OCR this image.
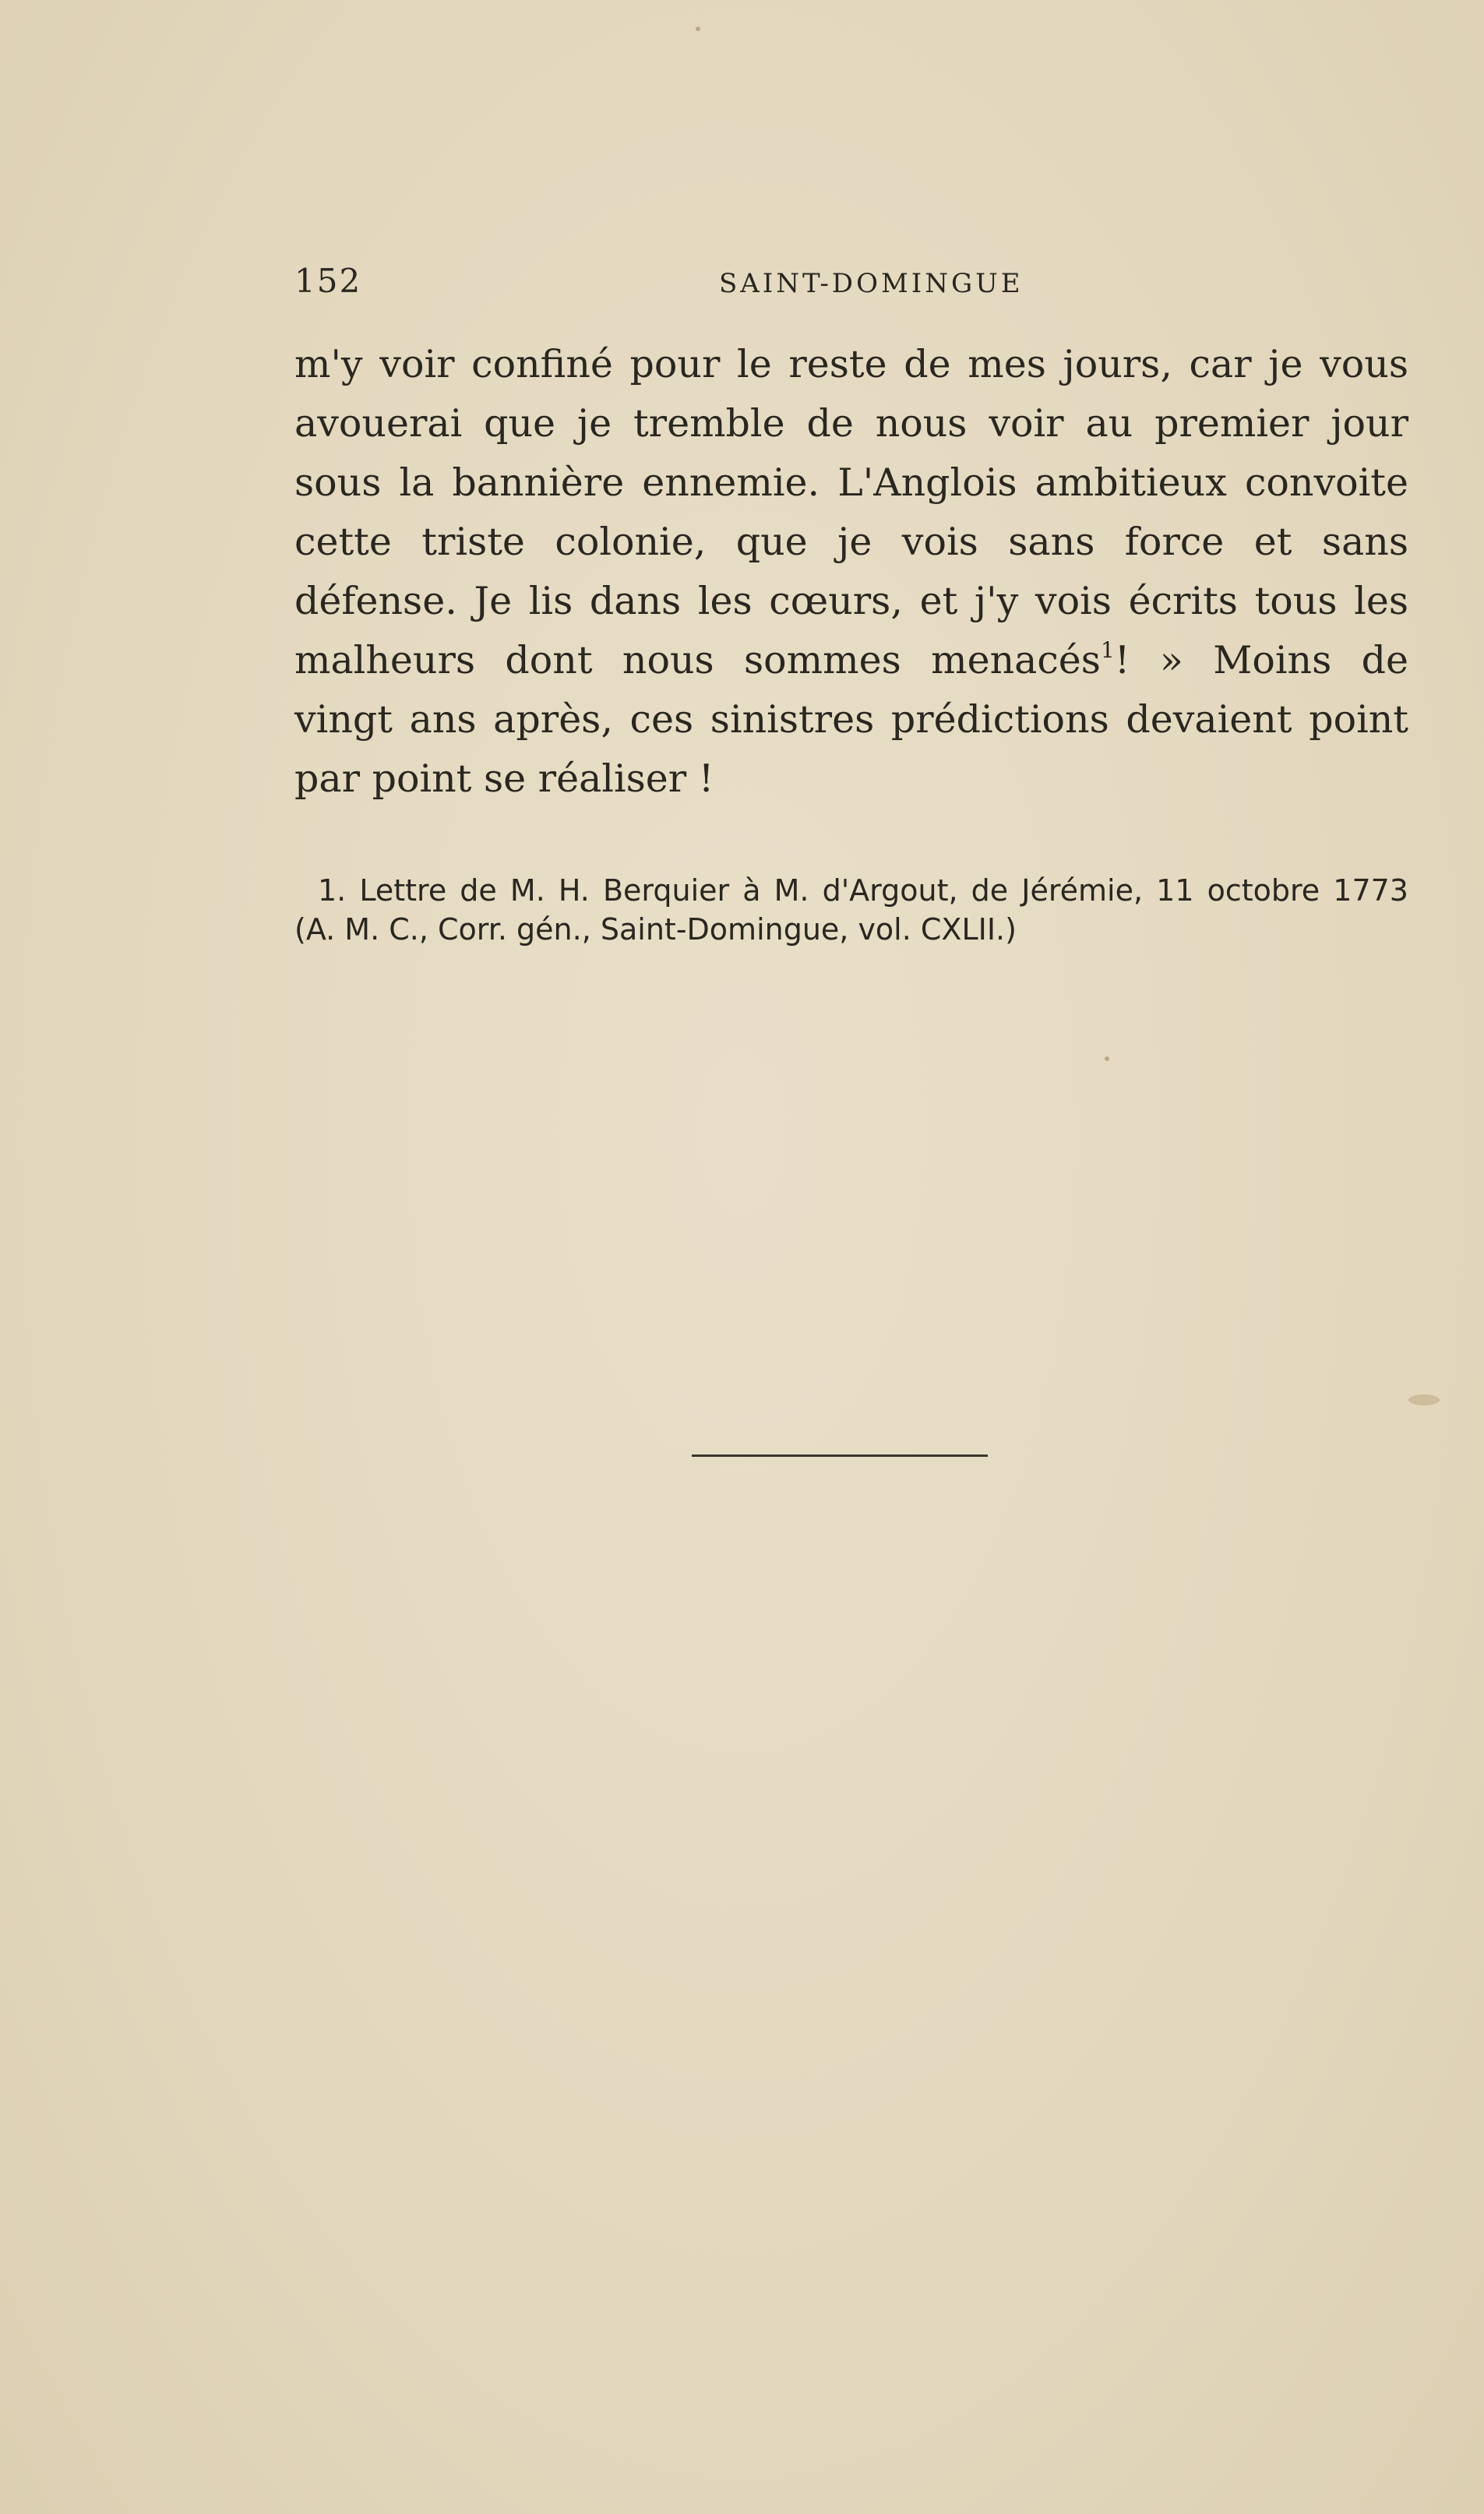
152	SAINT-DOMINGUE
m'y voir confiné pour le reste de mes jours, car je vous
avouerai que je tremble de nous voir au premier jour
sous la bannière ennemie. L'Anglois ambitieux convoite
cette triste colonie, que je vois sans force et sans
défense. Je lis dans les cœurs, et j'y vois écrits tous les
malheurs dont nous sommes menacés$^1$! » Moins de
vingt ans après, ces sinistres prédictions devaient point
par point se réaliser !
1. Lettre de M. H. Berquier à M. d'Argout, de Jérémie, 11 octobre 1773
(A. M. C., Corr. gén., Saint-Domingue, vol. CXLII.)
